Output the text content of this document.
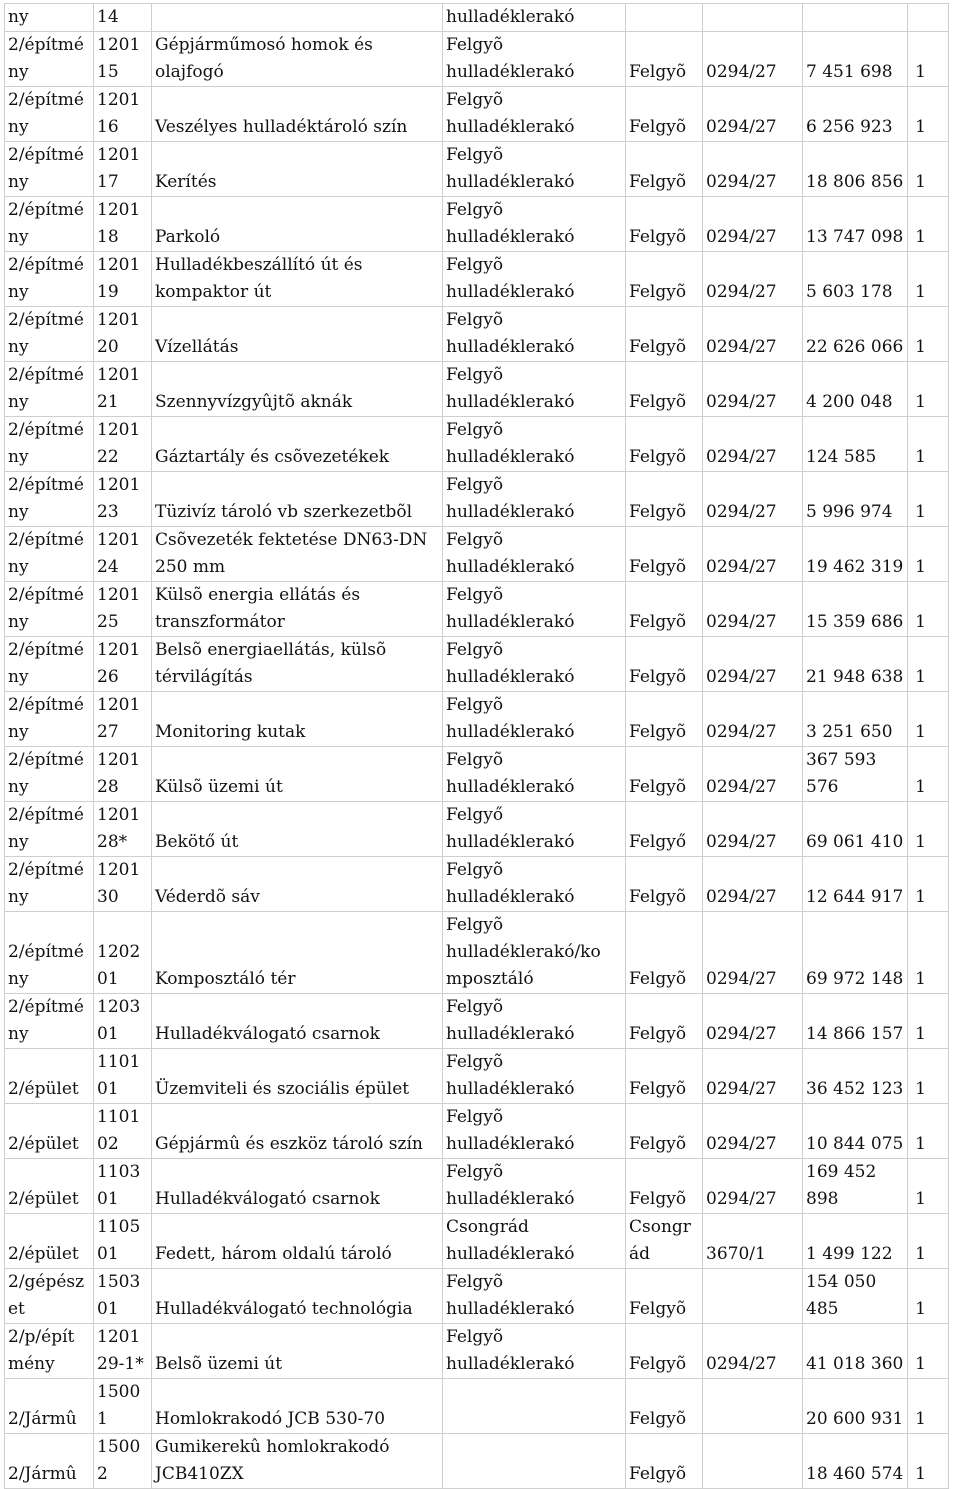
ny	14		hulladéklerakó				
2/építmé ny	1201 15	Gépjárműmosó homok és olajfogó	Felgyõ hulladéklerakó	Felgyõ	0294/27	7 451 698	1
2/építmé ny	1201 16	Veszélyes hulladéktároló szín	Felgyõ hulladéklerakó	Felgyõ	0294/27	6 256 923	1
2/építmé ny	1201 17	Kerítés	Felgyõ hulladéklerakó	Felgyõ	0294/27	18 806 856	1
2/építmé ny	1201 18	Parkoló	Felgyõ hulladéklerakó	Felgyõ	0294/27	13 747 098	1
2/építmé ny	1201 19	Hulladékbeszállító út és kompaktor út	Felgyõ hulladéklerakó	Felgyõ	0294/27	5 603 178	1
2/építmé ny	1201 20	Vízellátás	Felgyõ hulladéklerakó	Felgyõ	0294/27	22 626 066	1
2/építmé ny	1201 21	Szennyvízgyûjtõ aknák	Felgyõ hulladéklerakó	Felgyõ	0294/27	4 200 048	1
2/építmé ny	1201 22	Gáztartály és csõvezetékek	Felgyõ hulladéklerakó	Felgyõ	0294/27	124 585	1
2/építmé ny	1201 23	Tüzivíz tároló vb szerkezetbõl	Felgyõ hulladéklerakó	Felgyõ	0294/27	5 996 974	1
2/építmé ny	1201 24	Csõvezeték fektetése DN63-DN 250 mm	Felgyõ hulladéklerakó	Felgyõ	0294/27	19 462 319	1
2/építmé ny	1201 25	Külsõ energia ellátás és transzformátor	Felgyõ hulladéklerakó	Felgyõ	0294/27	15 359 686	1
2/építmé ny	1201 26	Belsõ energiaellátás, külsõ térvilágítás	Felgyõ hulladéklerakó	Felgyõ	0294/27	21 948 638	1
2/építmé ny	1201 27	Monitoring kutak	Felgyõ hulladéklerakó	Felgyõ	0294/27	3 251 650	1
2/építmé ny	1201 28	Külsõ üzemi út	Felgyõ hulladéklerakó	Felgyõ	0294/27	367 593 576	1
2/építmé ny	1201 28*	Bekötő út	Felgyő hulladéklerakó	Felgyő	0294/27	69 061 410	1
2/építmé ny	1201 30	Véderdõ sáv	Felgyõ hulladéklerakó	Felgyõ	0294/27	12 644 917	1
2/építmé ny	1202 01	Komposztáló tér	Felgyõ hulladéklerakó/ko mposztáló	Felgyõ	0294/27	69 972 148	1
2/építmé ny	1203 01	Hulladékválogató csarnok	Felgyõ hulladéklerakó	Felgyõ	0294/27	14 866 157	1
2/épület	1101 01	Üzemviteli és szociális épület	Felgyõ hulladéklerakó	Felgyõ	0294/27	36 452 123	1
2/épület	1101 02	Gépjármû és eszköz tároló szín	Felgyõ hulladéklerakó	Felgyõ	0294/27	10 844 075	1
2/épület	1103 01	Hulladékválogató csarnok	Felgyõ hulladéklerakó	Felgyõ	0294/27	169 452 898	1
2/épület	1105 01	Fedett, három oldalú tároló	Csongrád hulladéklerakó	Csongr ád	3670/1	1 499 122	1
2/gépész et	1503 01	Hulladékválogató technológia	Felgyõ hulladéklerakó	Felgyõ		154 050 485	1
2/p/épít mény	1201 29-1*	Belsõ üzemi út	Felgyõ hulladéklerakó	Felgyõ	0294/27	41 018 360	1
2/Jármû	1500 1	Homlokrakodó JCB 530-70		Felgyõ		20 600 931	1
2/Jármû	1500 2	Gumikerekû homlokrakodó JCB410ZX		Felgyõ		18 460 574	1
